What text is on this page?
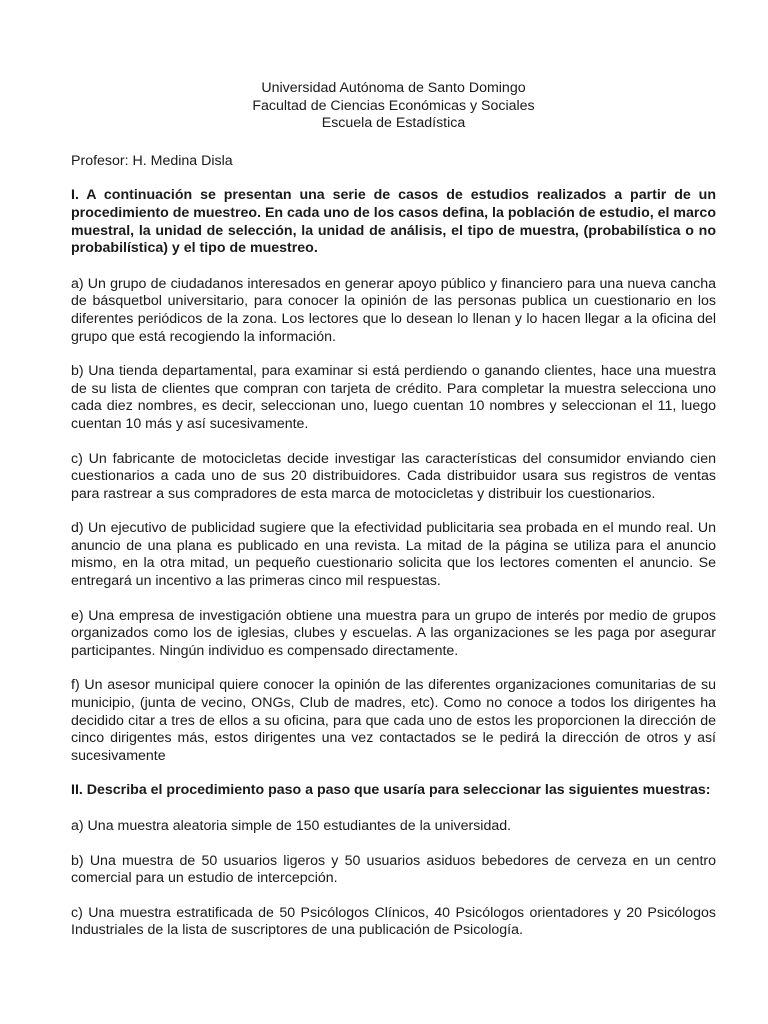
Universidad Autónoma de Santo Domingo
Facultad de Ciencias Económicas y Sociales
Escuela de Estadística

Profesor: H. Medina Disla

I. A continuación se presentan una serie de casos de estudios realizados a partir de un procedimiento de muestreo. En cada uno de los casos defina, la población de estudio, el marco muestral, la unidad de selección, la unidad de análisis, el tipo de muestra, (probabilística o no probabilística) y el tipo de muestreo.

a) Un grupo de ciudadanos interesados en generar apoyo público y financiero para una nueva cancha de básquetbol universitario, para conocer la opinión de las personas publica un cuestionario en los diferentes periódicos de la zona. Los lectores que lo desean lo llenan y lo hacen llegar a la oficina del grupo que está recogiendo la información.

b) Una tienda departamental, para examinar si está perdiendo o ganando clientes, hace una muestra de su lista de clientes que compran con tarjeta de crédito. Para completar la muestra selecciona uno cada diez nombres, es decir, seleccionan uno, luego cuentan 10 nombres y seleccionan el 11, luego cuentan 10 más y así sucesivamente.

c) Un fabricante de motocicletas decide investigar las características del consumidor enviando cien cuestionarios a cada uno de sus 20 distribuidores. Cada distribuidor usara sus registros de ventas para rastrear a sus compradores de esta marca de motocicletas y distribuir los cuestionarios.

d) Un ejecutivo de publicidad sugiere que la efectividad publicitaria sea probada en el mundo real. Un anuncio de una plana es publicado en una revista. La mitad de la página se utiliza para el anuncio mismo, en la otra mitad, un pequeño cuestionario solicita que los lectores comenten el anuncio. Se entregará un incentivo a las primeras cinco mil respuestas.

e) Una empresa de investigación obtiene una muestra para un grupo de interés por medio de grupos organizados como los de iglesias, clubes y escuelas. A las organizaciones se les paga por asegurar participantes. Ningún individuo es compensado directamente.

f) Un asesor municipal quiere conocer la opinión de las diferentes organizaciones comunitarias de su municipio, (junta de vecino, ONGs, Club de madres, etc). Como no conoce a todos los dirigentes ha decidido citar a tres de ellos a su oficina, para que cada uno de estos les proporcionen la dirección de cinco dirigentes más, estos dirigentes una vez contactados se le pedirá la dirección de otros y así sucesivamente

II. Describa el procedimiento paso a paso que usaría para seleccionar las siguientes muestras:

a) Una muestra aleatoria simple de 150 estudiantes de la universidad.

b) Una muestra de 50 usuarios ligeros y 50 usuarios asiduos bebedores de cerveza en un centro comercial para un estudio de intercepción.

c) Una muestra estratificada de 50 Psicólogos Clínicos, 40 Psicólogos orientadores y 20 Psicólogos Industriales de la lista de suscriptores de una publicación de Psicología.
